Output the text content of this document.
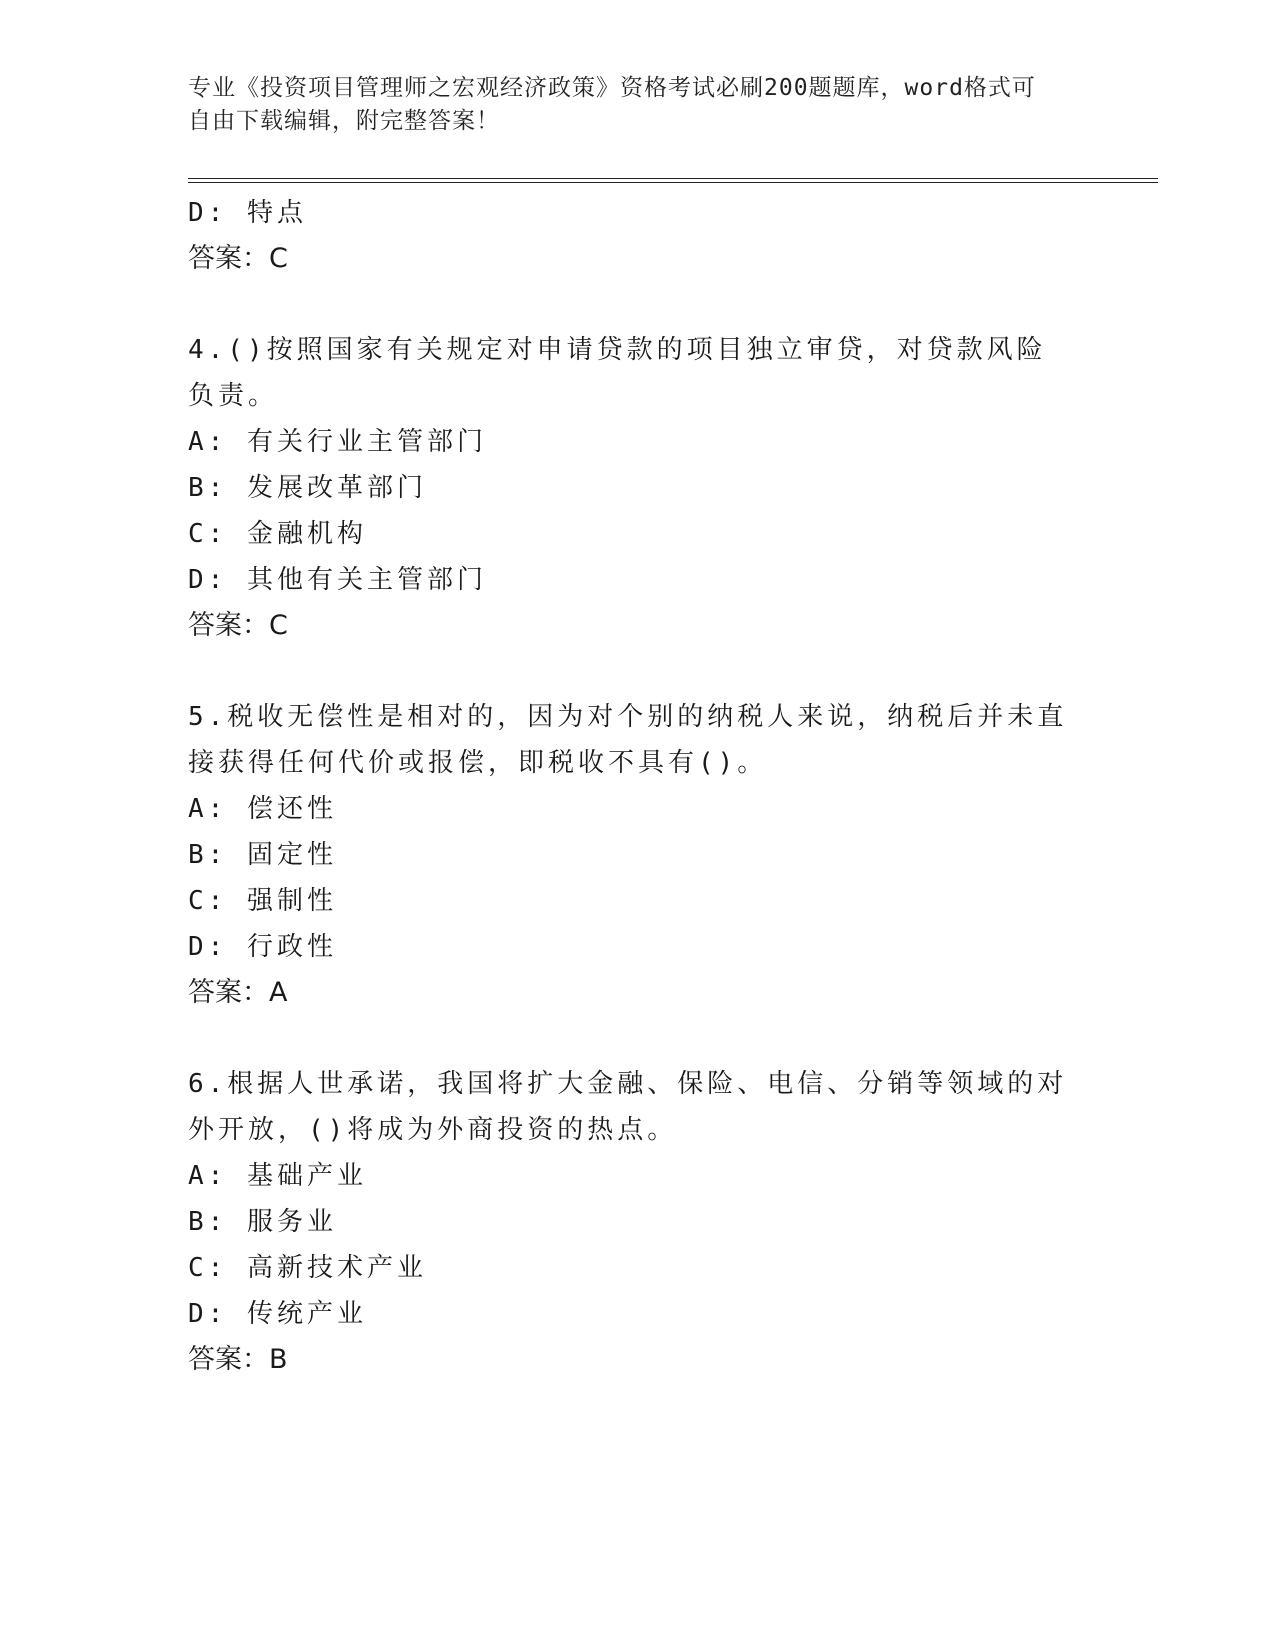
专业《投资项目管理师之宏观经济政策》资格考试必刷200题题库，word格式可
自由下载编辑，附完整答案！

D: 特点

答案：C

4.()按照国家有关规定对申请贷款的项目独立审贷，对贷款风险负责。

A: 有关行业主管部门

B: 发展改革部门

C: 金融机构

D: 其他有关主管部门

答案：C

5.税收无偿性是相对的，因为对个别的纳税人来说，纳税后并未直接获得任何代价或报偿，即税收不具有()。

A: 偿还性

B: 固定性

C: 强制性

D: 行政性

答案：A

6.根据人世承诺，我国将扩大金融、保险、电信、分销等领域的对外开放，()将成为外商投资的热点。

A: 基础产业

B: 服务业

C: 高新技术产业

D: 传统产业

答案：B
